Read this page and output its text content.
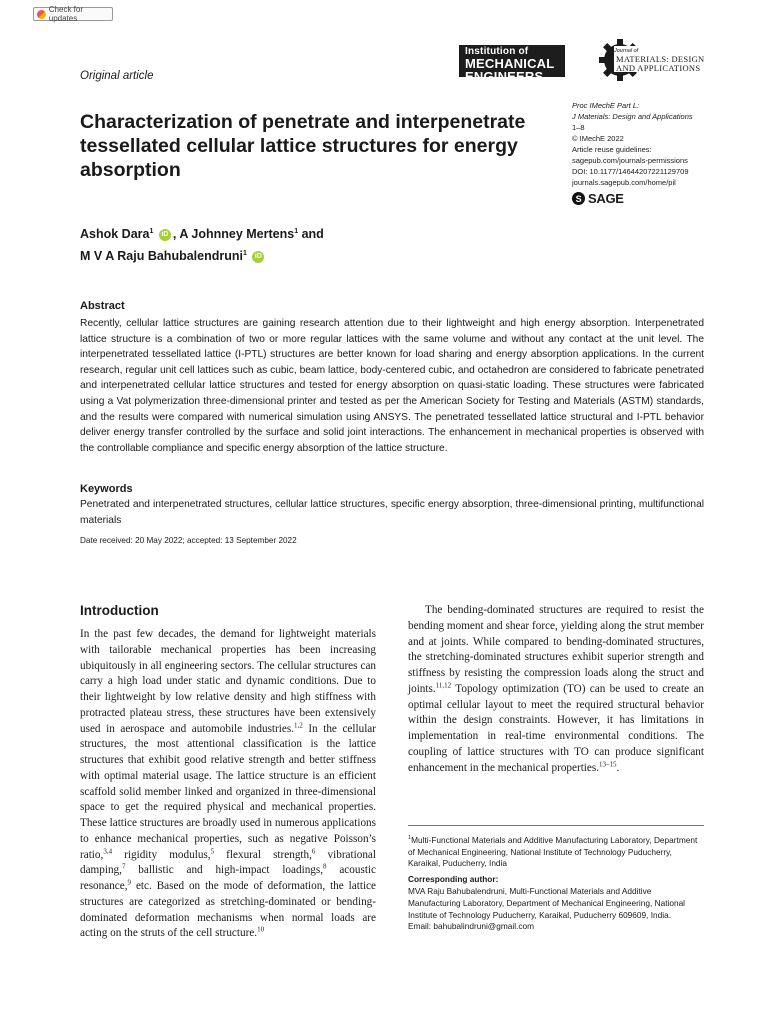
Check for updates
Original article
Institution of
MECHANICAL
ENGINEERS
Journal of
MATERIALS: DESIGN
AND APPLICATIONS
Proc IMechE Part L:
J Materials: Design and Applications
1–8
© IMechE 2022
Article reuse guidelines:
sagepub.com/journals-permissions
DOI: 10.1177/14644207221129709
journals.sagepub.com/home/pil
S SAGE
Characterization of penetrate and interpenetrate tessellated cellular lattice structures for energy absorption
Ashok Dara$^1$ iD , A Johnney Mertens$^1$ and
M V A Raju Bahubalendruni$^1$ iD
Abstract
Recently, cellular lattice structures are gaining research attention due to their lightweight and high energy absorption. Interpenetrated lattice structure is a combination of two or more regular lattices with the same volume and without any contact at the unit level. The interpenetrated tessellated lattice (I-PTL) structures are better known for load sharing and energy absorption applications. In the current research, regular unit cell lattices such as cubic, beam lattice, body-centered cubic, and octahedron are considered to fabricate penetrated and interpenetrated cellular lattice structures and tested for energy absorption on quasi-static loading. These structures were fabricated using a Vat polymerization three-dimensional printer and tested as per the American Society for Testing and Materials (ASTM) standards, and the results were compared with numerical simulation using ANSYS. The penetrated tessellated lattice structural and I-PTL behavior deliver energy transfer controlled by the surface and solid joint interactions. The enhancement in mechanical properties is observed with the controllable compliance and specific energy absorption of the lattice structure.
Keywords
Penetrated and interpenetrated structures, cellular lattice structures, specific energy absorption, three-dimensional printing, multifunctional materials
Date received: 20 May 2022; accepted: 13 September 2022
Introduction

In the past few decades, the demand for lightweight materials with tailorable mechanical properties has been increasing ubiquitously in all engineering sectors. The cellular structures can carry a high load under static and dynamic conditions. Due to their lightweight by low relative density and high stiffness with protracted plateau stress, these structures have been extensively used in aerospace and automobile industries.$^{1,2}$ In the cellular structures, the most attentional classification is the lattice structures that exhibit good relative strength and better stiffness with optimal material usage. The lattice structure is an efficient scaffold solid member linked and organized in three-dimensional space to get the required physical and mechanical properties. These lattice structures are broadly used in numerous applications to enhance mechanical properties, such as negative Poisson’s ratio,$^{3,4}$ rigidity modulus,$^5$ flexural strength,$^6$ vibrational damping,$^7$ ballistic and high-impact loadings,$^8$ acoustic resonance,$^9$ etc. Based on the mode of deformation, the lattice structures are categorized as stretching-dominated or bending-dominated deformation mechanisms when normal loads are acting on the struts of the cell structure.$^{10}$

The bending-dominated structures are required to resist the bending moment and shear force, yielding along the strut member and at joints. While compared to bending-dominated structures, the stretching-dominated structures exhibit superior strength and stiffness by resisting the compression loads along the struct and joints.$^{11,12}$ Topology optimization (TO) can be used to create an optimal cellular layout to meet the required structural behavior within the design constraints. However, it has limitations in implementation in real-time environmental conditions. The coupling of lattice structures with TO can produce significant enhancement in the mechanical properties.$^{13-15}$.

$^1$Multi-Functional Materials and Additive Manufacturing Laboratory, Department of Mechanical Engineering, National Institute of Technology Puducherry, Karaikal, Puducherry, India

Corresponding author:

MVA Raju Bahubalendruni, Multi-Functional Materials and Additive Manufacturing Laboratory, Department of Mechanical Engineering, National Institute of Technology Puducherry, Karaikal, Puducherry 609609, India.

Email: bahubalindruni@gmail.com
